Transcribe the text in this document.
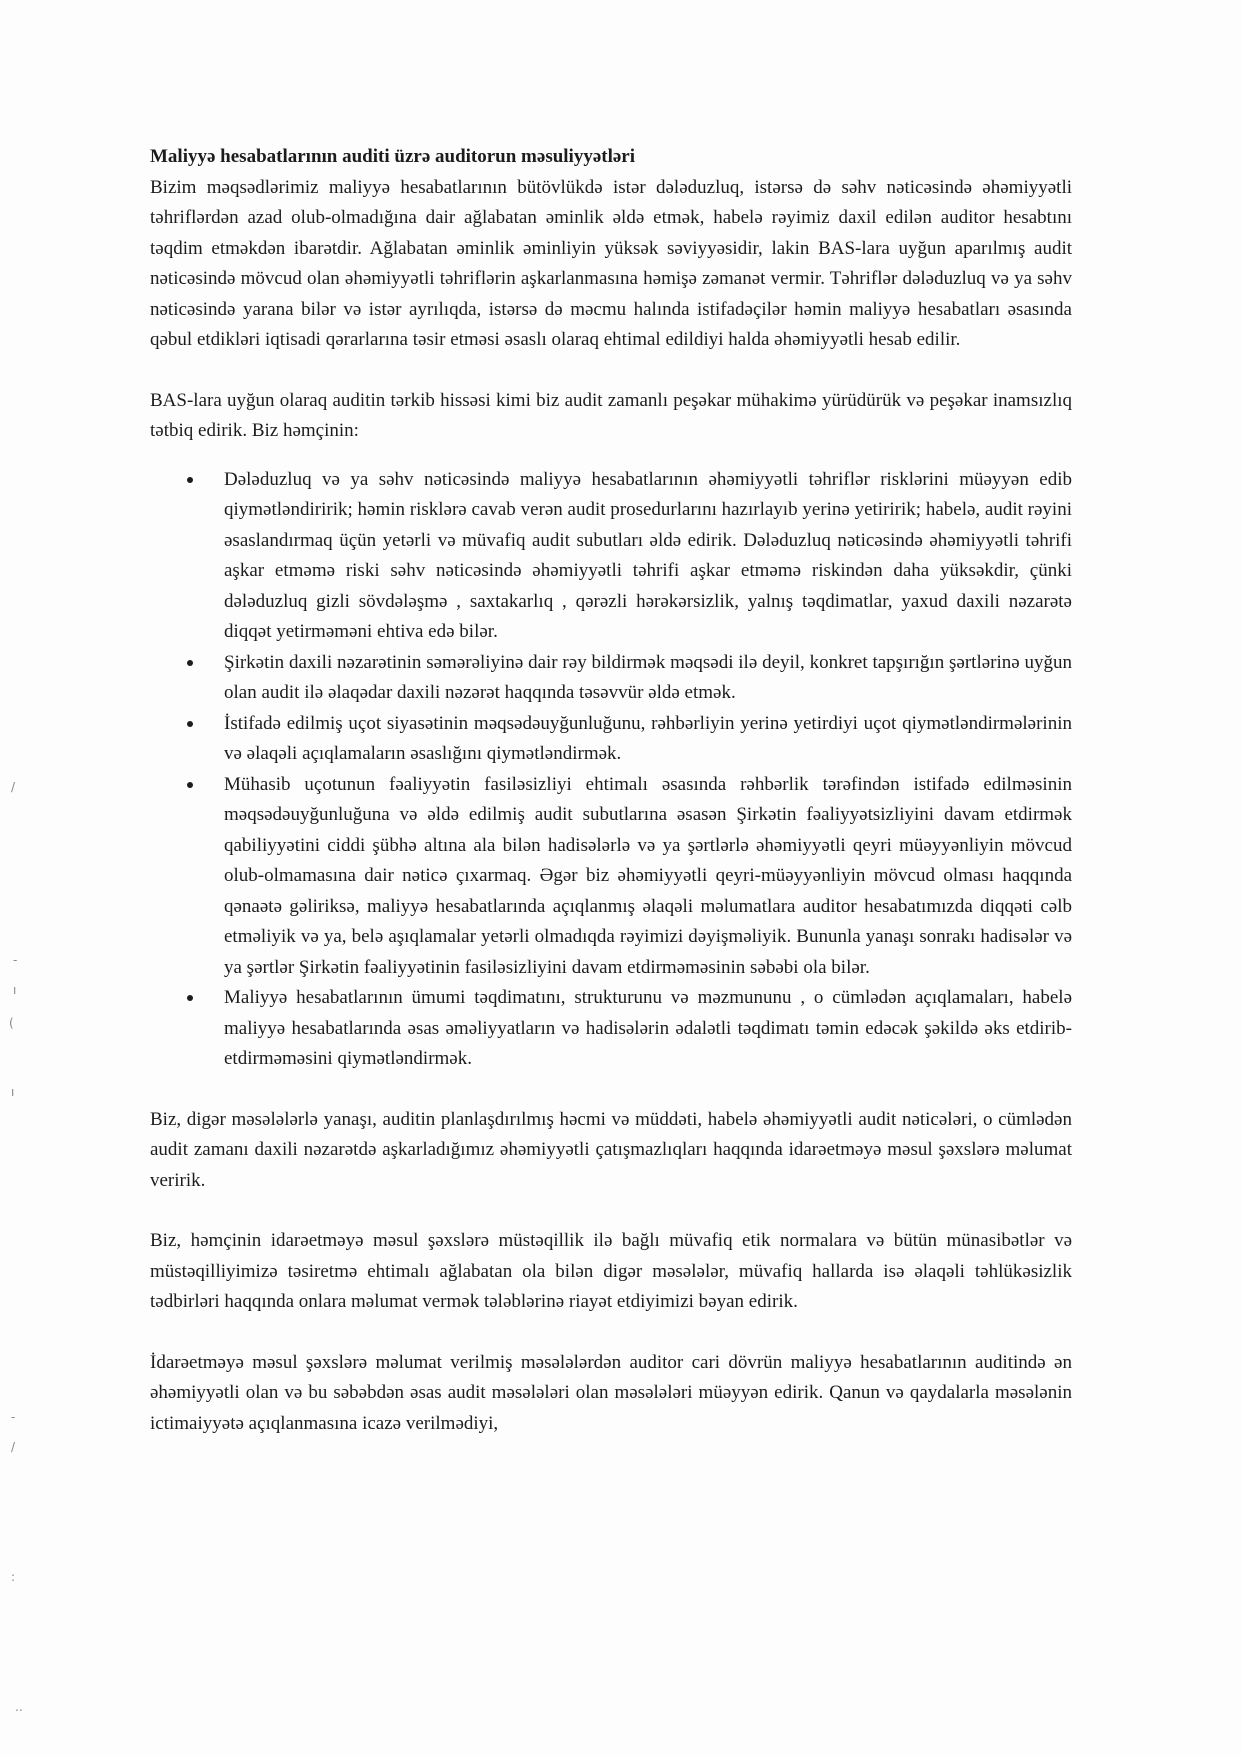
/
-
ı
(
ı
-
/
:
..

Maliyyə hesabatlarının auditi üzrə auditorun məsuliyyətləri

Bizim məqsədlərimiz maliyyə hesabatlarının bütövlükdə istər dələduzluq, istərsə də səhv nəticəsində əhəmiyyətli təhriflərdən azad olub-olmadığına dair ağlabatan əminlik əldə etmək, habelə rəyimiz daxil edilən auditor hesabtını təqdim etməkdən ibarətdir. Ağlabatan əminlik əminliyin yüksək səviyyəsidir, lakin BAS-lara uyğun aparılmış audit nəticəsində mövcud olan əhəmiyyətli təhriflərin aşkarlanmasına həmişə zəmanət vermir. Təhriflər dələduzluq və ya səhv nəticəsində yarana bilər və istər ayrılıqda, istərsə də məcmu halında istifadəçilər həmin maliyyə hesabatları əsasında qəbul etdikləri iqtisadi qərarlarına təsir etməsi əsaslı olaraq ehtimal edildiyi halda əhəmiyyətli hesab edilir.

BAS-lara uyğun olaraq auditin tərkib hissəsi kimi biz audit zamanlı peşəkar mühakimə yürüdürük və peşəkar inamsızlıq tətbiq edirik. Biz həmçinin:

Dələduzluq və ya səhv nəticəsində maliyyə hesabatlarının əhəmiyyətli təhriflər risklərini müəyyən edib qiymətləndiririk; həmin risklərə cavab verən audit prosedurlarını hazırlayıb yerinə yetiririk; habelə, audit rəyini əsaslandırmaq üçün yetərli və müvafiq audit subutları əldə edirik. Dələduzluq nəticəsində əhəmiyyətli təhrifi aşkar etməmə riski səhv nəticəsində əhəmiyyətli təhrifi aşkar etməmə riskindən daha yüksəkdir, çünki dələduzluq gizli sövdələşmə , saxtakarlıq , qərəzli hərəkərsizlik, yalnış təqdimatlar, yaxud daxili nəzarətə diqqət yetirməməni ehtiva edə bilər.
Şirkətin daxili nəzarətinin səmərəliyinə dair rəy bildirmək məqsədi ilə deyil, konkret tapşırığın şərtlərinə uyğun olan audit ilə əlaqədar daxili nəzərət haqqında təsəvvür əldə etmək.
İstifadə edilmiş uçot siyasətinin məqsədəuyğunluğunu, rəhbərliyin yerinə yetirdiyi uçot qiymətləndirmələrinin və əlaqəli açıqlamaların əsaslığını qiymətləndirmək.
Mühasib uçotunun fəaliyyətin fasiləsizliyi ehtimalı əsasında rəhbərlik tərəfindən istifadə edilməsinin məqsədəuyğunluğuna və əldə edilmiş audit subutlarına əsasən Şirkətin fəaliyyətsizliyini davam etdirmək qabiliyyətini ciddi şübhə altına ala bilən hadisələrlə və ya şərtlərlə əhəmiyyətli qeyri müəyyənliyin mövcud olub-olmamasına dair nəticə çıxarmaq. Əgər biz əhəmiyyətli qeyri-müəyyənliyin mövcud olması haqqında qənaətə gəliriksə, maliyyə hesabatlarında açıqlanmış əlaqəli məlumatlara auditor hesabatımızda diqqəti cəlb etməliyik və ya, belə aşıqlamalar yetərli olmadıqda rəyimizi dəyişməliyik. Bununla yanaşı sonrakı hadisələr və ya şərtlər Şirkətin fəaliyyətinin fasiləsizliyini davam etdirməməsinin səbəbi ola bilər.
Maliyyə hesabatlarının ümumi təqdimatını, strukturunu və məzmununu , o cümlədən açıqlamaları, habelə maliyyə hesabatlarında əsas əməliyyatların və hadisələrin ədalətli təqdimatı təmin edəcək şəkildə əks etdirib-etdirməməsini qiymətləndirmək.

Biz, digər məsələlərlə yanaşı, auditin planlaşdırılmış həcmi və müddəti, habelə əhəmiyyətli audit nəticələri, o cümlədən audit zamanı daxili nəzarətdə aşkarladığımız əhəmiyyətli çatışmazlıqları haqqında idarəetməyə məsul şəxslərə məlumat veririk.

Biz, həmçinin idarəetməyə məsul şəxslərə müstəqillik ilə bağlı müvafiq etik normalara və bütün münasibətlər və müstəqilliyimizə təsiretmə ehtimalı ağlabatan ola bilən digər məsələlər, müvafiq hallarda isə əlaqəli təhlükəsizlik tədbirləri haqqında onlara məlumat vermək tələblərinə riayət etdiyimizi bəyan edirik.

İdarəetməyə məsul şəxslərə məlumat verilmiş məsələlərdən auditor cari dövrün maliyyə hesabatlarının auditində ən əhəmiyyətli olan və bu səbəbdən əsas audit məsələləri olan məsələləri müəyyən edirik. Qanun və qaydalarla məsələnin ictimaiyyətə açıqlanmasına icazə verilmədiyi,
